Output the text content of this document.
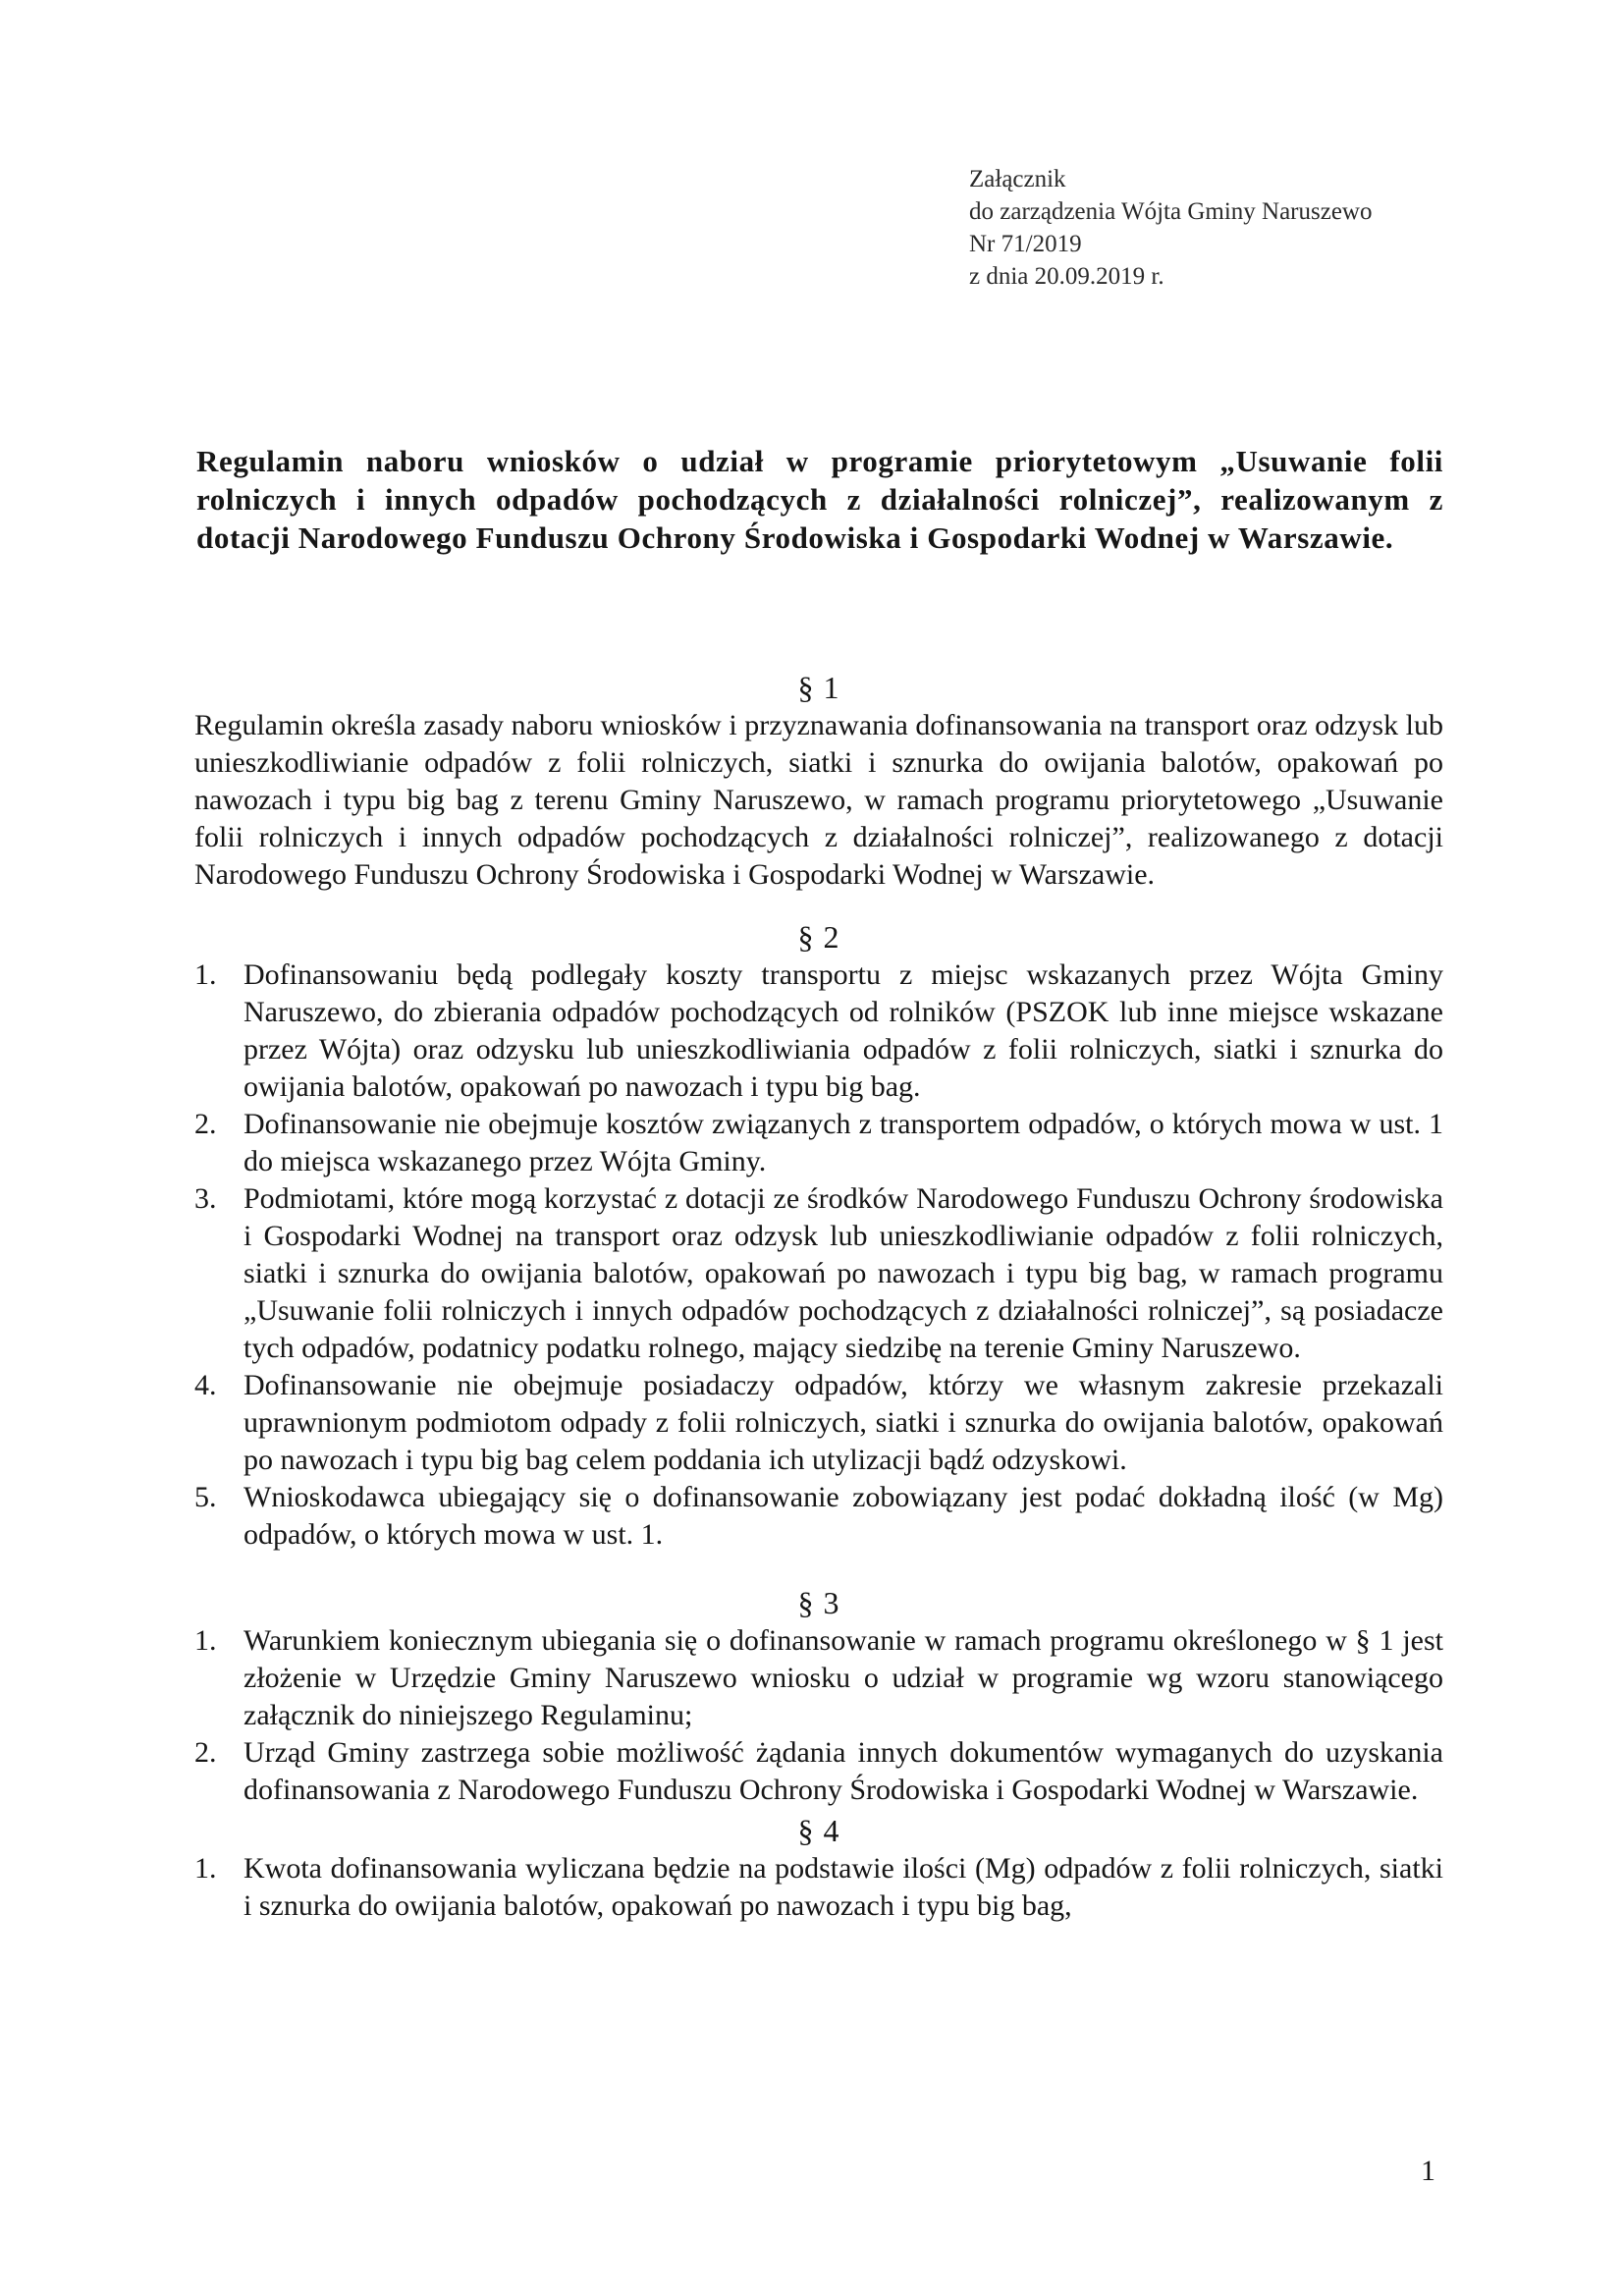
Załącznik
do zarządzenia Wójta Gminy Naruszewo
Nr 71/2019
z dnia 20.09.2019 r.
Regulamin naboru wniosków o udział w programie priorytetowym „Usuwanie folii rolniczych i innych odpadów pochodzących z działalności rolniczej”, realizowanym z dotacji Narodowego Funduszu Ochrony Środowiska i Gospodarki Wodnej w Warszawie.
§ 1

Regulamin określa zasady naboru wniosków i przyznawania dofinansowania na transport oraz odzysk lub unieszkodliwianie odpadów z folii rolniczych, siatki i sznurka do owijania balotów, opakowań po nawozach i typu big bag z terenu Gminy Naruszewo, w ramach programu priorytetowego „Usuwanie folii rolniczych i innych odpadów pochodzących z działalności rolniczej”, realizowanego z dotacji Narodowego Funduszu Ochrony Środowiska i Gospodarki Wodnej w Warszawie.

§ 2
1. Dofinansowaniu będą podlegały koszty transportu z miejsc wskazanych przez Wójta Gminy Naruszewo, do zbierania odpadów pochodzących od rolników (PSZOK lub inne miejsce wskazane przez Wójta) oraz odzysku lub unieszkodliwiania odpadów z folii rolniczych, siatki i sznurka do owijania balotów, opakowań po nawozach i typu big bag.
2. Dofinansowanie nie obejmuje kosztów związanych z transportem odpadów, o których mowa w ust. 1 do miejsca wskazanego przez Wójta Gminy.
3. Podmiotami, które mogą korzystać z dotacji ze środków Narodowego Funduszu Ochrony środowiska i Gospodarki Wodnej na transport oraz odzysk lub unieszkodliwianie odpadów z folii rolniczych, siatki i sznurka do owijania balotów, opakowań po nawozach i typu big bag, w ramach programu „Usuwanie folii rolniczych i innych odpadów pochodzących z działalności rolniczej”, są posiadacze tych odpadów, podatnicy podatku rolnego, mający siedzibę na terenie Gminy Naruszewo.
4. Dofinansowanie nie obejmuje posiadaczy odpadów, którzy we własnym zakresie przekazali uprawnionym podmiotom odpady z folii rolniczych, siatki i sznurka do owijania balotów, opakowań po nawozach i typu big bag celem poddania ich utylizacji bądź odzyskowi.
5. Wnioskodawca ubiegający się o dofinansowanie zobowiązany jest podać dokładną ilość (w Mg) odpadów, o których mowa w ust. 1.
§ 3
1. Warunkiem koniecznym ubiegania się o dofinansowanie w ramach programu określonego w § 1 jest złożenie w Urzędzie Gminy Naruszewo wniosku o udział w programie wg wzoru stanowiącego załącznik do niniejszego Regulaminu;
2. Urząd Gminy zastrzega sobie możliwość żądania innych dokumentów wymaganych do uzyskania dofinansowania z Narodowego Funduszu Ochrony Środowiska i Gospodarki Wodnej w Warszawie.
§ 4
1. Kwota dofinansowania wyliczana będzie na podstawie ilości (Mg) odpadów z folii rolniczych, siatki i sznurka do owijania balotów, opakowań po nawozach i typu big bag,
1
